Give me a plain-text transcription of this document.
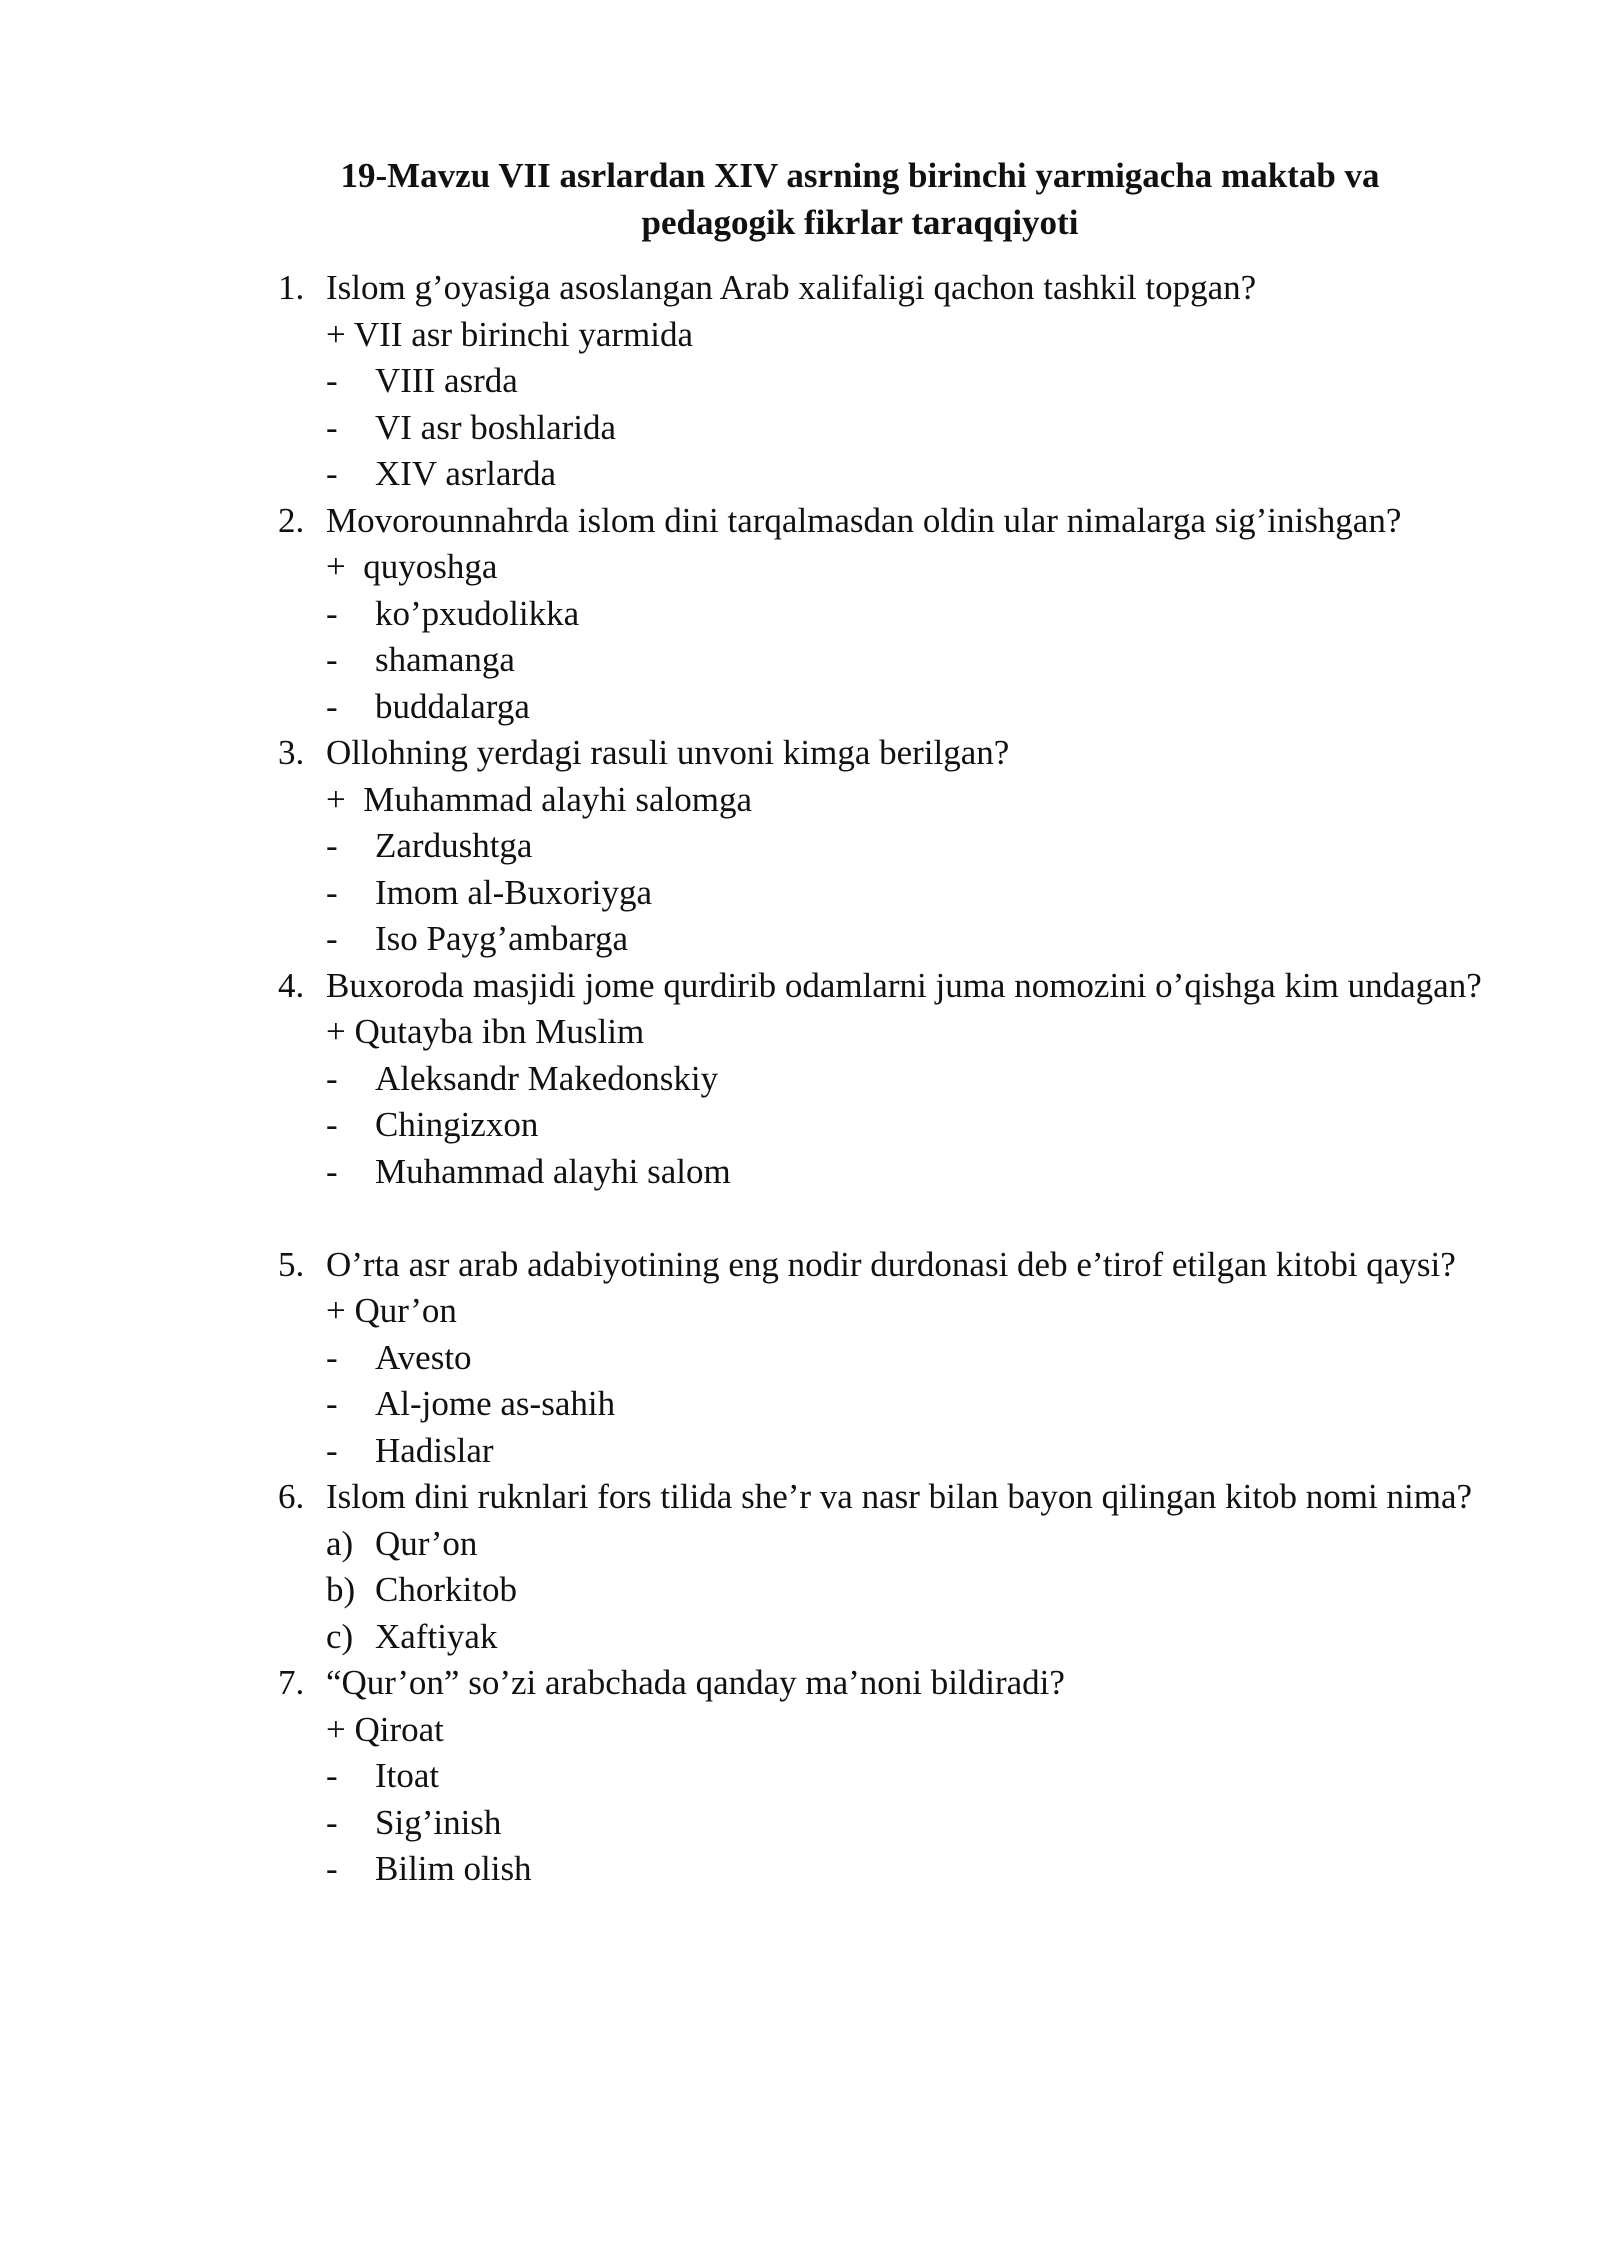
19-Mavzu VII asrlardan XIV asrning birinchi yarmigacha maktab va
pedagogik fikrlar taraqqiyoti
1. Islom g’oyasiga asoslangan Arab xalifaligi qachon tashkil topgan?
+ VII asr birinchi yarmida
- VIII asrda
- VI asr boshlarida
- XIV asrlarda
2. Movorounnahrda islom dini tarqalmasdan oldin ular nimalarga sig’inishgan?
+  quyoshga
- ko’pxudolikka
- shamanga
- buddalarga
3. Ollohning yerdagi rasuli unvoni kimga berilgan?
+  Muhammad alayhi salomga
- Zardushtga
- Imom al-Buxoriyga
- Iso Payg’ambarga
4. Buxoroda masjidi jome qurdirib odamlarni juma nomozini o’qishga kim undagan?
+ Qutayba ibn Muslim
- Aleksandr Makedonskiy
- Chingizxon
- Muhammad alayhi salom
5. O’rta asr arab adabiyotining eng nodir durdonasi deb e’tirof etilgan kitobi qaysi?
+ Qur’on
- Avesto
- Al-jome as-sahih
- Hadislar
6. Islom dini ruknlari fors tilida she’r va nasr bilan bayon qilingan kitob nomi nima?
a) Qur’on
b) Chorkitob
c) Xaftiyak
7. “Qur’on” so’zi arabchada qanday ma’noni bildiradi?
+ Qiroat
- Itoat
- Sig’inish
- Bilim olish
